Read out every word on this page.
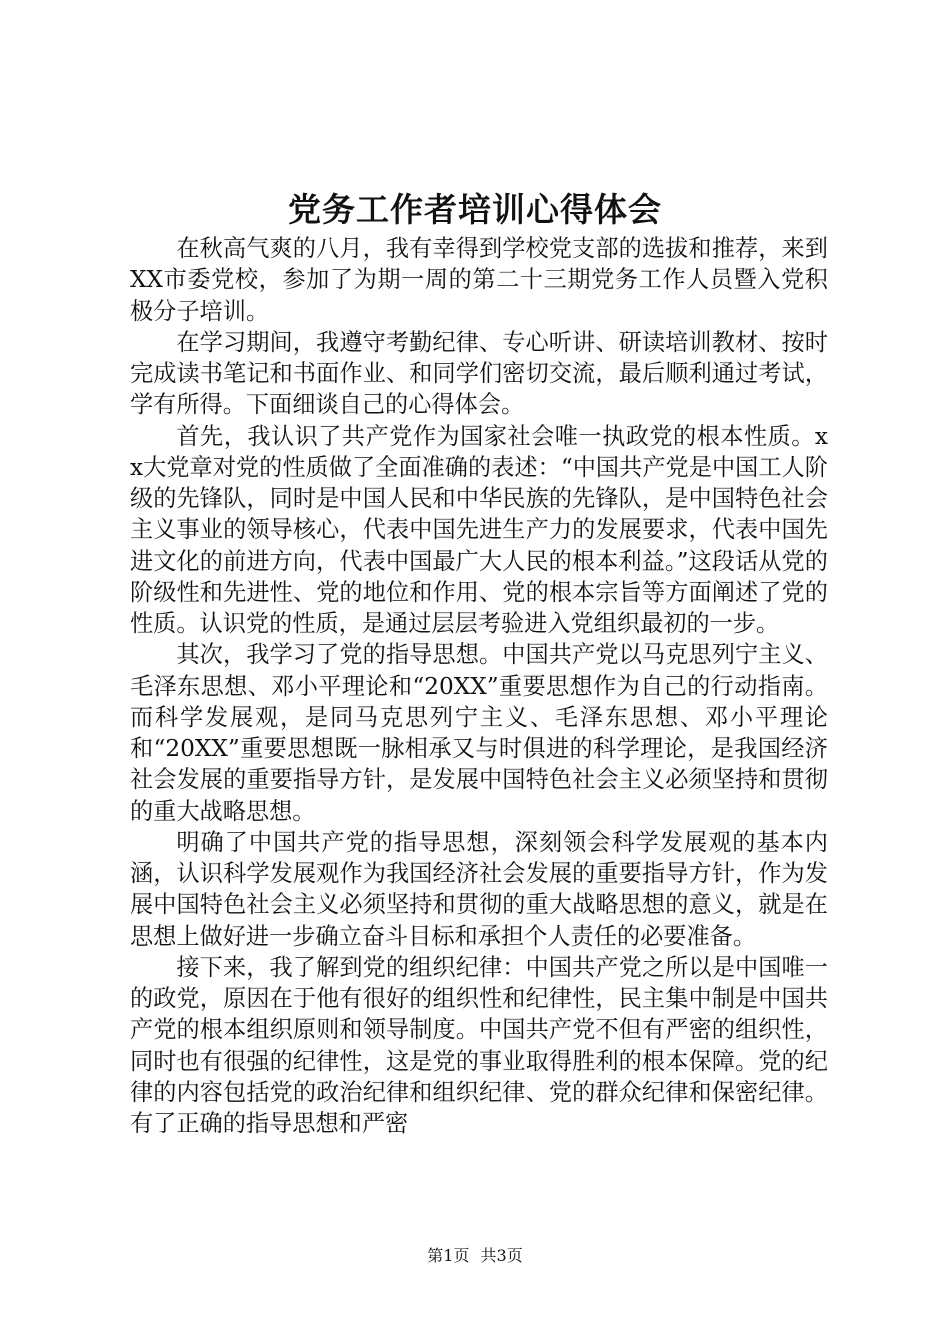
党务工作者培训心得体会

在秋高气爽的八月，我有幸得到学校党支部的选拔和推荐，来到XX市委党校，参加了为期一周的第二十三期党务工作人员暨入党积极分子培训。

在学习期间，我遵守考勤纪律、专心听讲、研读培训教材、按时完成读书笔记和书面作业、和同学们密切交流，最后顺利通过考试，学有所得。下面细谈自己的心得体会。

首先，我认识了共产党作为国家社会唯一执政党的根本性质。xx大党章对党的性质做了全面准确的表述：“中国共产党是中国工人阶级的先锋队，同时是中国人民和中华民族的先锋队，是中国特色社会主义事业的领导核心，代表中国先进生产力的发展要求，代表中国先进文化的前进方向，代表中国最广大人民的根本利益。”这段话从党的阶级性和先进性、党的地位和作用、党的根本宗旨等方面阐述了党的性质。认识党的性质，是通过层层考验进入党组织最初的一步。

其次，我学习了党的指导思想。中国共产党以马克思列宁主义、毛泽东思想、邓小平理论和“20XX”重要思想作为自己的行动指南。而科学发展观，是同马克思列宁主义、毛泽东思想、邓小平理论和“20XX”重要思想既一脉相承又与时俱进的科学理论，是我国经济社会发展的重要指导方针，是发展中国特色社会主义必须坚持和贯彻的重大战略思想。

明确了中国共产党的指导思想，深刻领会科学发展观的基本内涵，认识科学发展观作为我国经济社会发展的重要指导方针，作为发展中国特色社会主义必须坚持和贯彻的重大战略思想的意义，就是在思想上做好进一步确立奋斗目标和承担个人责任的必要准备。

接下来，我了解到党的组织纪律：中国共产党之所以是中国唯一的政党，原因在于他有很好的组织性和纪律性，民主集中制是中国共产党的根本组织原则和领导制度。中国共产党不但有严密的组织性，同时也有很强的纪律性，这是党的事业取得胜利的根本保障。党的纪律的内容包括党的政治纪律和组织纪律、党的群众纪律和保密纪律。有了正确的指导思想和严密

第1页 共3页
